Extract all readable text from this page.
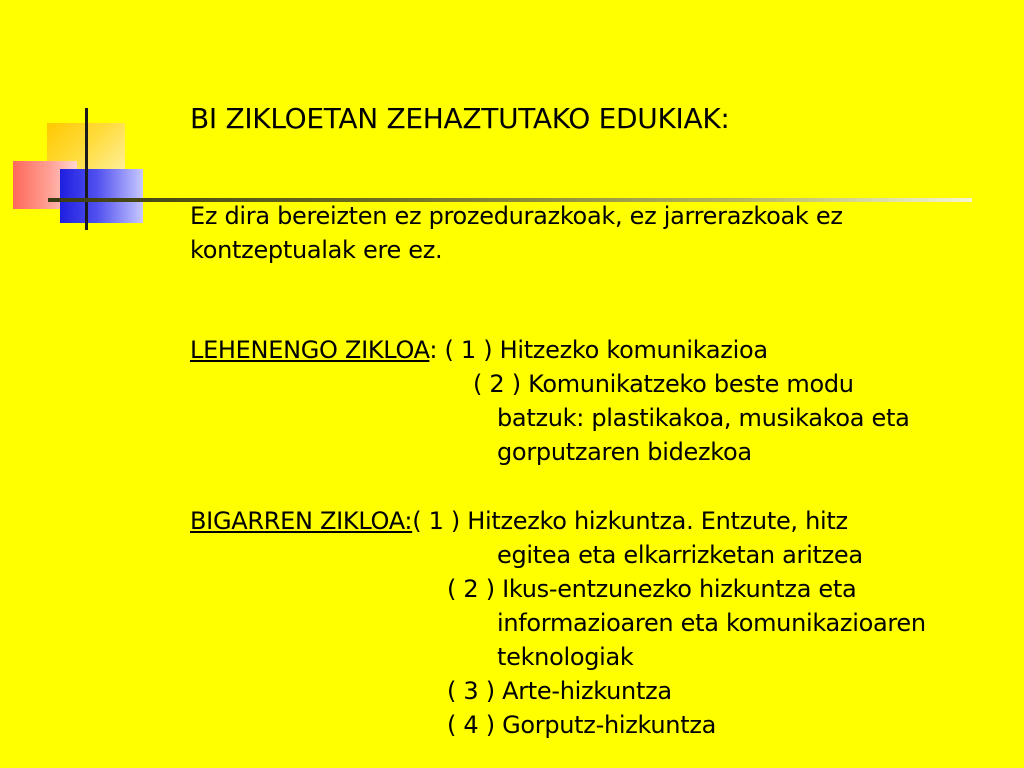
BI ZIKLOETAN ZEHAZTUTAKO EDUKIAK:
Ez dira bereizten ez prozedurazkoak, ez jarrerazkoak ez
kontzeptualak ere ez.
LEHENENGO ZIKLOA: ( 1 ) Hitzezko komunikazioa
( 2 ) Komunikatzeko beste modu
batzuk: plastikakoa, musikakoa eta
gorputzaren bidezkoa
BIGARREN ZIKLOA:( 1 ) Hitzezko hizkuntza. Entzute, hitz
egitea eta elkarrizketan aritzea
( 2 ) Ikus-entzunezko hizkuntza eta
informazioaren eta komunikazioaren
teknologiak
( 3 ) Arte-hizkuntza
( 4 ) Gorputz-hizkuntza
